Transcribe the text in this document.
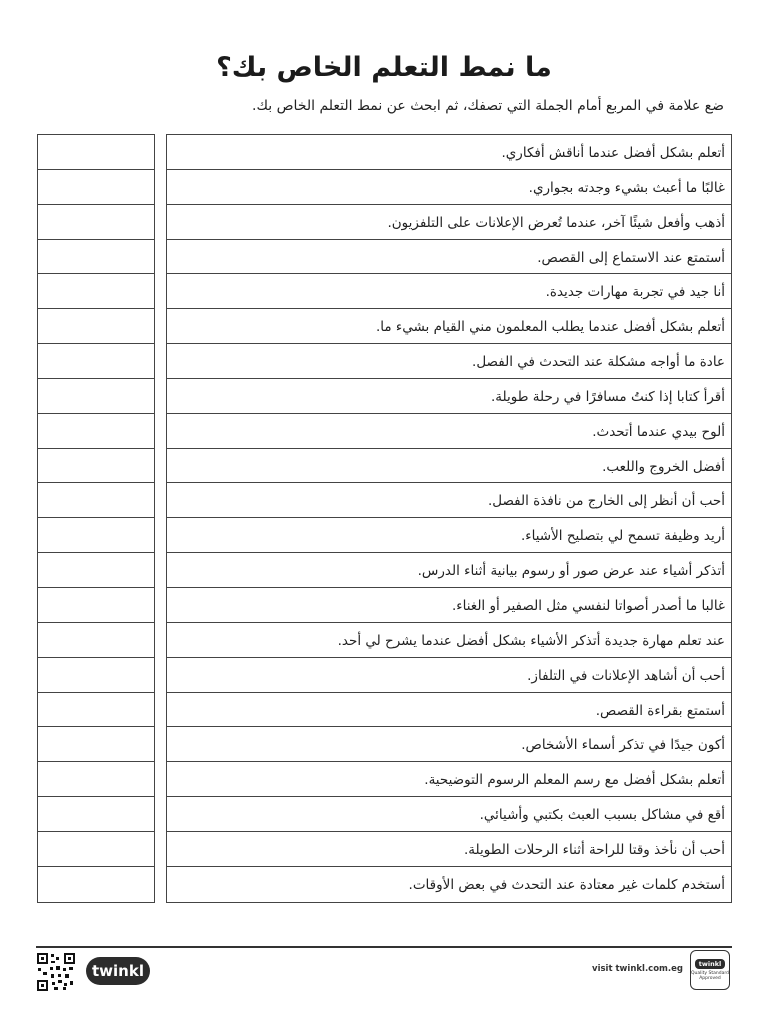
ما نمط التعلم الخاص بك؟
ضع علامة في المربع أمام الجملة التي تصفك، ثم ابحث عن نمط التعلم الخاص بك.
أتعلم بشكل أفضل عندما أناقش أفكاري.
غالبًا ما أعبث بشيء وجدته بجواري.
أذهب وأفعل شيئًا آخر، عندما تُعرض الإعلانات على التلفزيون.
أستمتع عند الاستماع إلى القصص.
أنا جيد في تجربة مهارات جديدة.
أتعلم بشكل أفضل عندما يطلب المعلمون مني القيام بشيء ما.
عادة ما أواجه مشكلة عند التحدث في الفصل.
أقرأ كتابا إذا كنتُ مسافرًا في رحلة طويلة.
ألوح بيدي عندما أتحدث.
أفضل الخروج واللعب.
أحب أن أنظر إلى الخارج من نافذة الفصل.
أريد وظيفة تسمح لي بتصليح الأشياء.
أتذكر أشياء عند عرض صور أو رسوم بيانية أثناء الدرس.
غالبا ما أصدر أصواتا لنفسي مثل الصفير أو الغناء.
عند تعلم مهارة جديدة أتذكر الأشياء بشكل أفضل عندما يشرح لي أحد.
أحب أن أشاهد الإعلانات في التلفاز.
أستمتع بقراءة القصص.
أكون جيدًا في تذكر أسماء الأشخاص.
أتعلم بشكل أفضل مع رسم المعلم الرسوم التوضيحية.
أقع في مشاكل بسبب العبث بكتبي وأشيائي.
أحب أن نأخذ وقتا للراحة أثناء الرحلات الطويلة.
أستخدم كلمات غير معتادة عند التحدث في بعض الأوقات.
twinkl	visit twinkl.com.eg	twinkl
Quality Standard
Approved
